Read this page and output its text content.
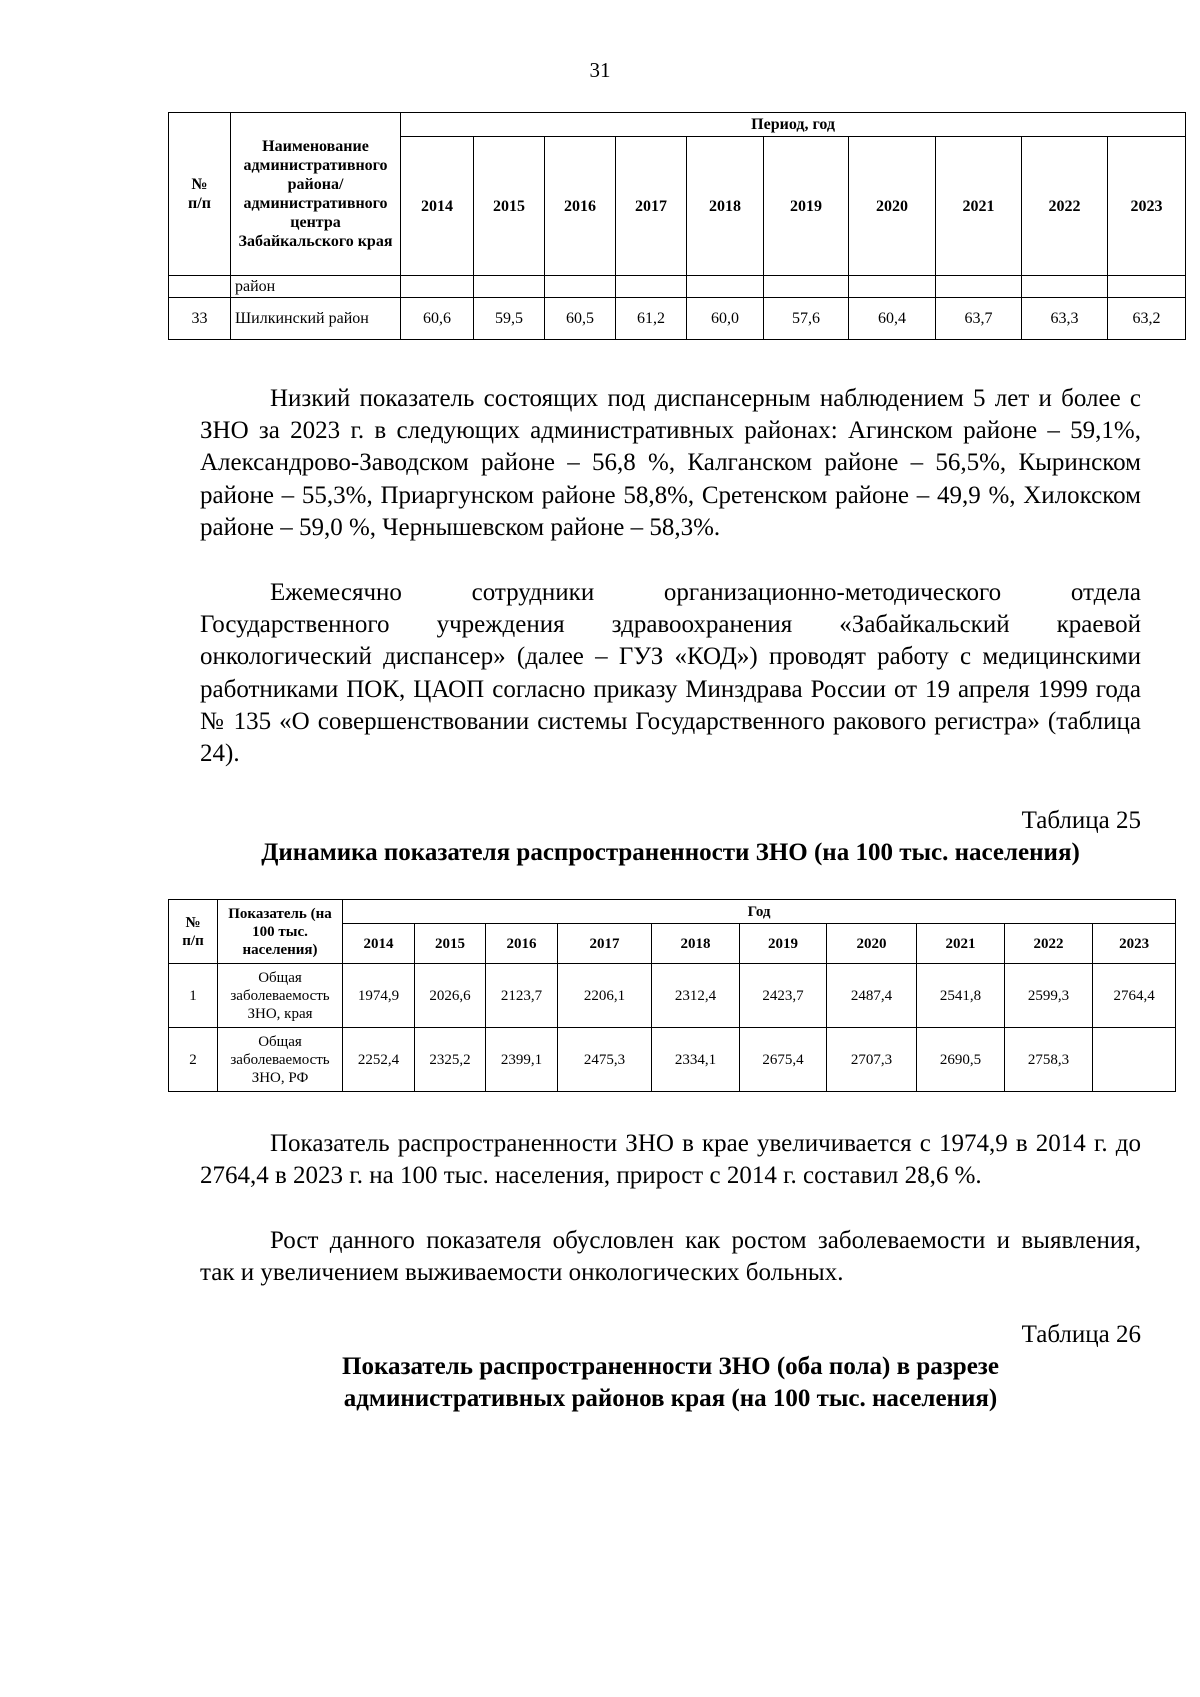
31
№
п/п	Наименование административного района/ административного центра Забайкальского края	Период, год									
		2014	2015	2016	2017	2018	2019	2020	2021	2022	2023
	район										
33	Шилкинский район	60,6	59,5	60,5	61,2	60,0	57,6	60,4	63,7	63,3	63,2
Низкий показатель состоящих под диспансерным наблюдением 5 лет и более с ЗНО за 2023 г. в следующих административных районах: Агинском районе – 59,1%, Александрово-Заводском районе – 56,8 %, Калганском районе – 56,5%, Кыринском районе – 55,3%, Приаргунском районе 58,8%, Сретенском районе – 49,9 %, Хилокском районе – 59,0 %, Чернышевском районе – 58,3%.
Ежемесячно сотрудники организационно-методического отдела Государственного учреждения здравоохранения «Забайкальский краевой онкологический диспансер» (далее – ГУЗ «КОД») проводят работу с медицинскими работниками ПОК, ЦАОП согласно приказу Минздрава России от 19 апреля 1999 года № 135 «О совершенствовании системы Государственного ракового регистра» (таблица 24).
Таблица 25
Динамика показателя распространенности ЗНО (на 100 тыс. населения)
№
п/п	Показатель (на 100 тыс. населения)	Год									
		2014	2015	2016	2017	2018	2019	2020	2021	2022	2023
1	Общая заболеваемость ЗНО, края	1974,9	2026,6	2123,7	2206,1	2312,4	2423,7	2487,4	2541,8	2599,3	2764,4
2	Общая заболеваемость ЗНО, РФ	2252,4	2325,2	2399,1	2475,3	2334,1	2675,4	2707,3	2690,5	2758,3	
Показатель распространенности ЗНО в крае увеличивается с 1974,9 в 2014 г. до 2764,4 в 2023 г. на 100 тыс. населения, прирост с 2014 г. составил 28,6 %.
Рост данного показателя обусловлен как ростом заболеваемости и выявления, так и увеличением выживаемости онкологических больных.
Таблица 26
Показатель распространенности ЗНО (оба пола) в разрезе
административных районов края (на 100 тыс. населения)
